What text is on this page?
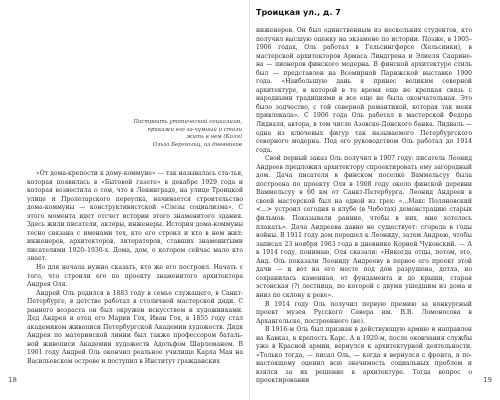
Построить утопический социализм, прикажи его за-чумный и стали жить в нем (Коля)
Ольга Берггольц, из дневников

«От дома-крепости к дому-коммуне» — так называлась ста-тья, которая появилась в «Бытовой газете» в декабре 1929 года и которая возвестила о том, что в Ленинграде, на улице Троицкой улице и Пролетарского переулка, начинается строительство дома-коммуны — конструктивистской «Слезы социализма». С этого момента идет отсчет истории этого знаменитого здания. Здесь жили писатели, актеры, инженеры. История дома-коммуны тесно связана с именами тех, кто его строил и кто в нем жил: инженеров, архитекторов, литераторов, ставших знаменитыми писателями 1920–1930-х. Дома, дом, о котором сейчас мало кто знает.

Но для начала нужно сказать, кто же его построил. Начать с того, что строили его по проекту знаменитого архитектора Андрея Оля.

Андрей Оль родился в 1883 году в семье служащего, в Санкт-Петербурге, в детстве работал в столичной мастерской дяди. С раннего возраста он был окружен искусством и художниками. Дед Андрея и отец его Марии Гох, Иван Гох, в 1855 году стал академиком живописи Петербургской Академии художеств. Дядя Андрея по материнской линии был также профессором баталь-ной живописи Академии художеств Адольфом Шарлеманем. В 1901 году Андрей Оль окончил реальное училище Карла Мая на Васильевском острове и поступил в Институт гражданских

18
Троицкая ул., д. 7

инженеров. Он был единственным из нескольких студентов, кто получил высшую оценку на экзамене по истории. Позже, в 1905–1906 годах, Оль работал в Гельсингфорсе (Хельсинки), в мастерской архитекторов Армаса Линдгрена и Элиеля Саарине-на — пионеров финского модерна. В финской архитектуре стиль был — представлен на Всемирной Парижской выставке 1900 года. «Наибольшую дань я принес великим северной архитектуре, в которой в то время еще не крепкая связь с народными традициями и все еще не была окончательная. Это было зодчество, с той северной романтикой, которая так меня привлекала». С 1906 года Оль работал в мастерской Федора Лидваля, автора, в том числе Азовско-Донского банка. Лидваль — одна из ключевых фигур так называемого Петербургского северного модерна. Под его руководством Оль работал до 1914 года.

Свой первый заказ Оль получил в 1907 году: писатель Леонид Андреев предложил архитектору спроектировать ему загородный дом. Дача писателя в финском поселке Ваммельсуу была построена по проекту Оля в 1908 году около финской деревни Ваммельсуу в 60 км от Санкт-Петербурга. Леонид Андреев в своей мастерской был на одной из трех: «...Макс Поляновский <...> устроил сегодня в клубе (в Чоботах) демонстрацию старых фильмов. Показывали ранние, чтобы в них, мне хотелось плакать». Дача Андреева давно не существует: сгорела в годы войны. В 1911 году дом перешел к Леониду, затем Андрею, чтобы записал 23 ноября 1963 года в дневнике Корней Чуковский. — А в 1914 году, понимаю, Оля сказали: «Никогда отцы, потом, это, Анд. Оль показали Леониду Андрееву в первое его проект этой дачи — и вот на его месте под дом разрушена, дотла, но сохранилась каменная, от фундамента и до крыши, старая эстонская (?) лестница, по которой с двумя ушедшим из дома и вниз по склону к реке».

В 1914 году Оль получил первую премию за конкурсный проект музея Русского Севера им. В.В. Ломоносова в Архангельске, построенного (не).

В 1916-м Оль был призван в действующую армию и направлен на Кавказ, в крепость Карс. А в 1920-м, после окончания службы уже в Красной армии, вернулся к архитектурной деятельности. «Только тогда, — писал Оль, — когда я вернулся с фронта, я по-настоящему оценил всю значимость социальных проблем и взялся за их решение в архитектуре. Тогда вопрос о проектировании	19
